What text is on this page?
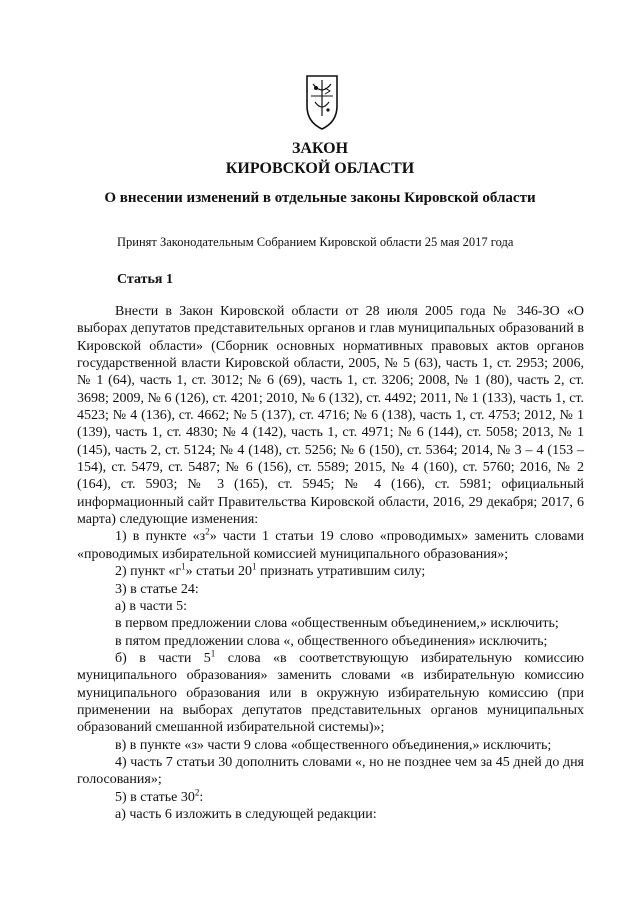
ЗАКОН
КИРОВСКОЙ ОБЛАСТИ
О внесении изменений в отдельные законы Кировской области
Принят Законодательным Собранием Кировской области 25 мая 2017 года
Статья 1

Внести в Закон Кировской области от 28 июля 2005 года № 346-ЗО «О выборах депутатов представительных органов и глав муниципальных образований в Кировской области» (Сборник основных нормативных правовых актов органов государственной власти Кировской области, 2005, № 5 (63), часть 1, ст. 2953; 2006, № 1 (64), часть 1, ст. 3012; № 6 (69), часть 1, ст. 3206; 2008, № 1 (80), часть 2, ст. 3698; 2009, № 6 (126), ст. 4201; 2010, № 6 (132), ст. 4492; 2011, № 1 (133), часть 1, ст. 4523; № 4 (136), ст. 4662; № 5 (137), ст. 4716; № 6 (138), часть 1, ст. 4753; 2012, № 1 (139), часть 1, ст. 4830; № 4 (142), часть 1, ст. 4971; № 6 (144), ст. 5058; 2013, № 1 (145), часть 2, ст. 5124; № 4 (148), ст. 5256; № 6 (150), ст. 5364; 2014, № 3 – 4 (153 – 154), ст. 5479, ст. 5487; № 6 (156), ст. 5589; 2015, № 4 (160), ст. 5760; 2016, № 2 (164), ст. 5903; № 3 (165), ст. 5945; № 4 (166), ст. 5981; официальный информационный сайт Правительства Кировской области, 2016, 29 декабря; 2017, 6 марта) следующие изменения:

1) в пункте «$з^2$» части 1 статьи 19 слово «проводимых» заменить словами «проводимых избирательной комиссией муниципального образования»;

2) пункт «$г^1$» статьи $20^1$ признать утратившим силу;

3) в статье 24:

а) в части 5:

в первом предложении слова «общественным объединением,» исключить;

в пятом предложении слова «, общественного объединения» исключить;

б) в части $5^1$ слова «в соответствующую избирательную комиссию муниципального образования» заменить словами «в избирательную комиссию муниципального образования или в окружную избирательную комиссию (при применении на выборах депутатов представительных органов муниципальных образований смешанной избирательной системы)»;

в) в пункте «з» части 9 слова «общественного объединения,» исключить;

4) часть 7 статьи 30 дополнить словами «, но не позднее чем за 45 дней до дня голосования»;

5) в статье $30^2$:

а) часть 6 изложить в следующей редакции:
